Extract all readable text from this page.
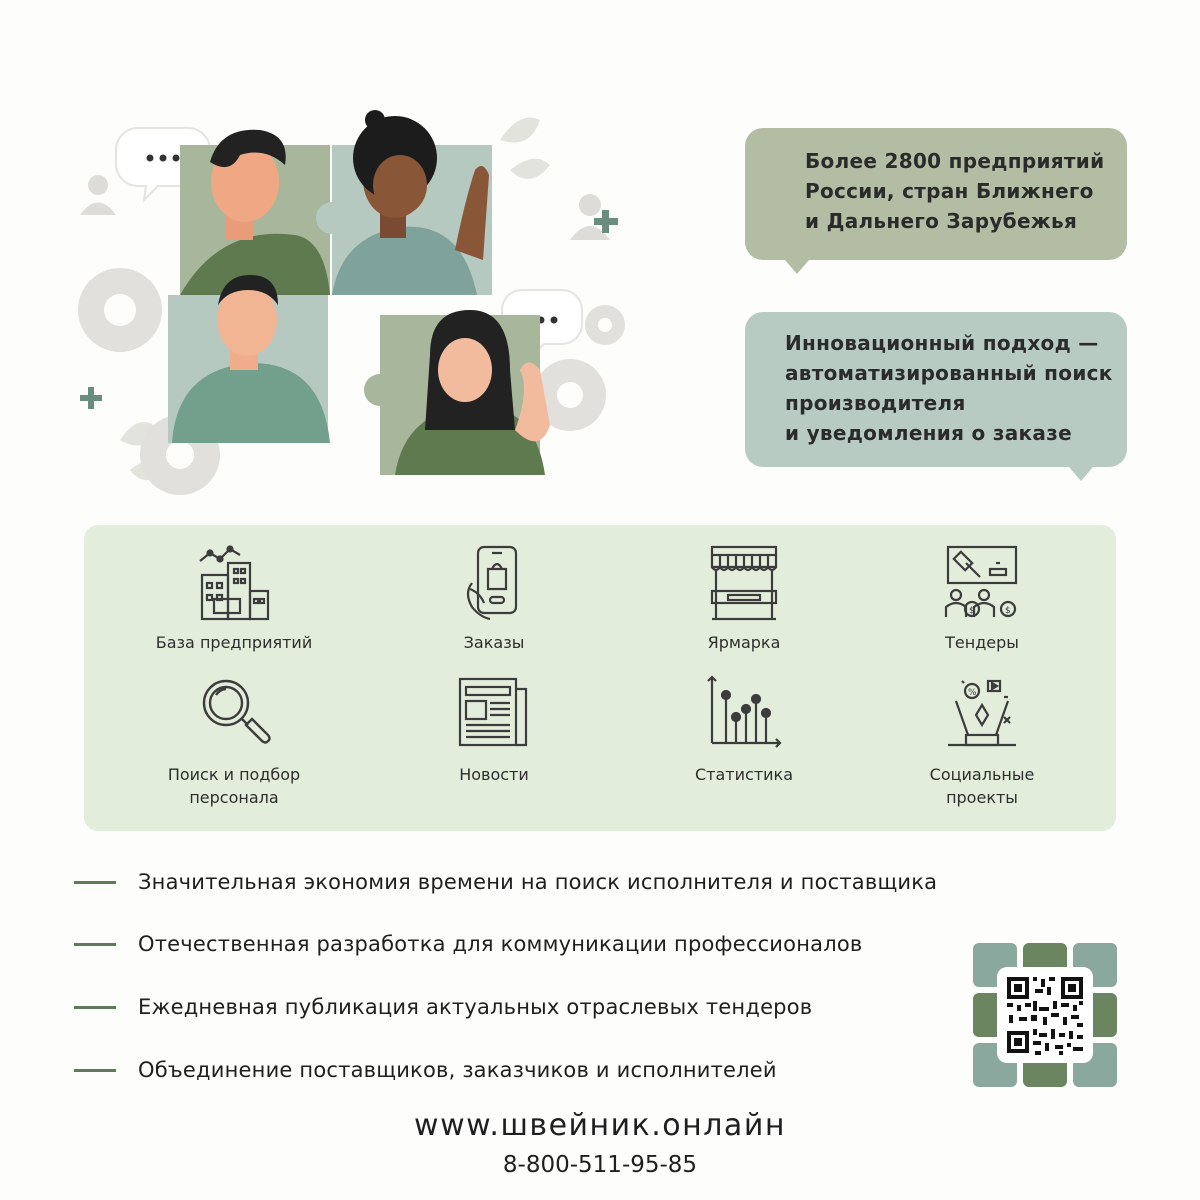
Более 2800 предприятий
России, стран Ближнего
и Дальнего Зарубежья
Инновационный подход —
автоматизированный поиск
производителя
и уведомления о заказе
База предприятий	Заказы	Ярмарка
$	$
Тендеры
Поиск и подбор
персонала
Новости	Статистика
%
Социальные
проекты
Значительная экономия времени на поиск исполнителя и поставщика
Отечественная разработка для коммуникации профессионалов
Ежедневная публикация актуальных отраслевых тендеров
Объединение поставщиков, заказчиков и исполнителей
www.швейник.онлайн
8-800-511-95-85
